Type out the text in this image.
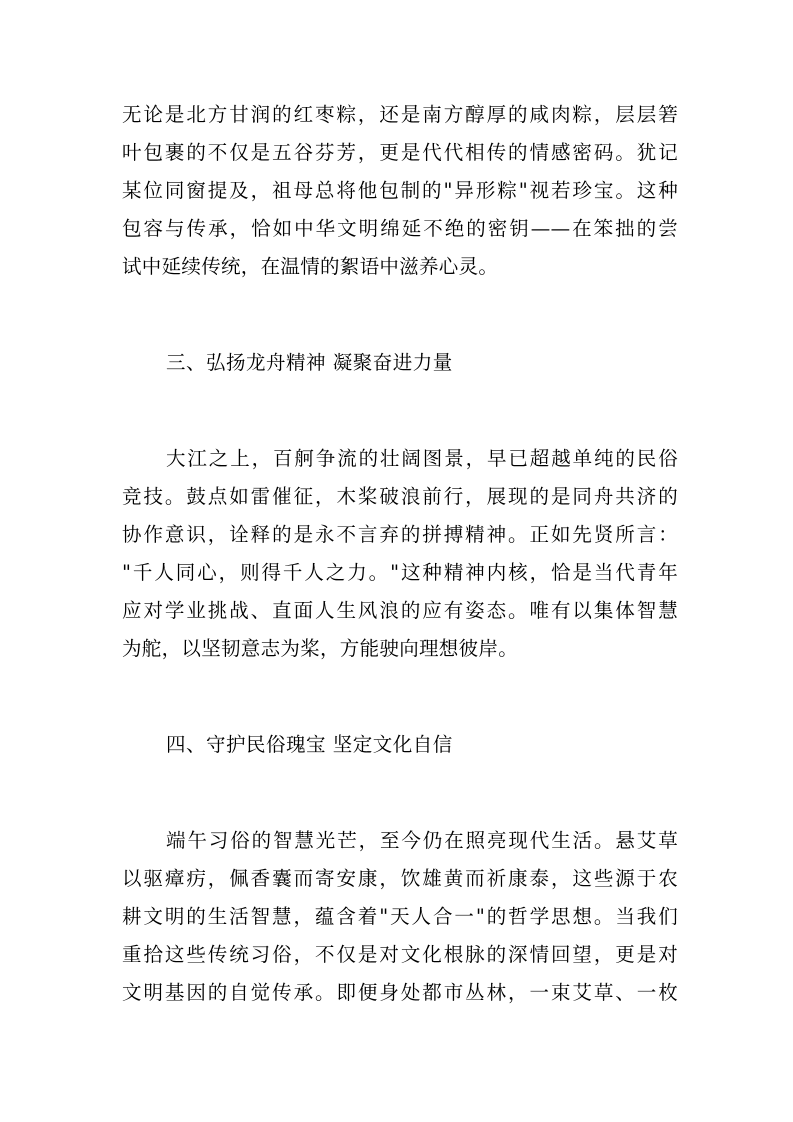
无论是北方甘润的红枣粽，还是南方醇厚的咸肉粽，层层箬
叶包裹的不仅是五谷芬芳，更是代代相传的情感密码。犹记
某位同窗提及，祖母总将他包制的"异形粽"视若珍宝。这种
包容与传承，恰如中华文明绵延不绝的密钥——在笨拙的尝
试中延续传统，在温情的絮语中滋养心灵。
三、弘扬龙舟精神 凝聚奋进力量
大江之上，百舸争流的壮阔图景，早已超越单纯的民俗
竞技。鼓点如雷催征，木桨破浪前行，展现的是同舟共济的
协作意识，诠释的是永不言弃的拼搏精神。正如先贤所言：
"千人同心，则得千人之力。"这种精神内核，恰是当代青年
应对学业挑战、直面人生风浪的应有姿态。唯有以集体智慧
为舵，以坚韧意志为桨，方能驶向理想彼岸。
四、守护民俗瑰宝 坚定文化自信
端午习俗的智慧光芒，至今仍在照亮现代生活。悬艾草
以驱瘴疠，佩香囊而寄安康，饮雄黄而祈康泰，这些源于农
耕文明的生活智慧，蕴含着"天人合一"的哲学思想。当我们
重拾这些传统习俗，不仅是对文化根脉的深情回望，更是对
文明基因的自觉传承。即便身处都市丛林，一束艾草、一枚
